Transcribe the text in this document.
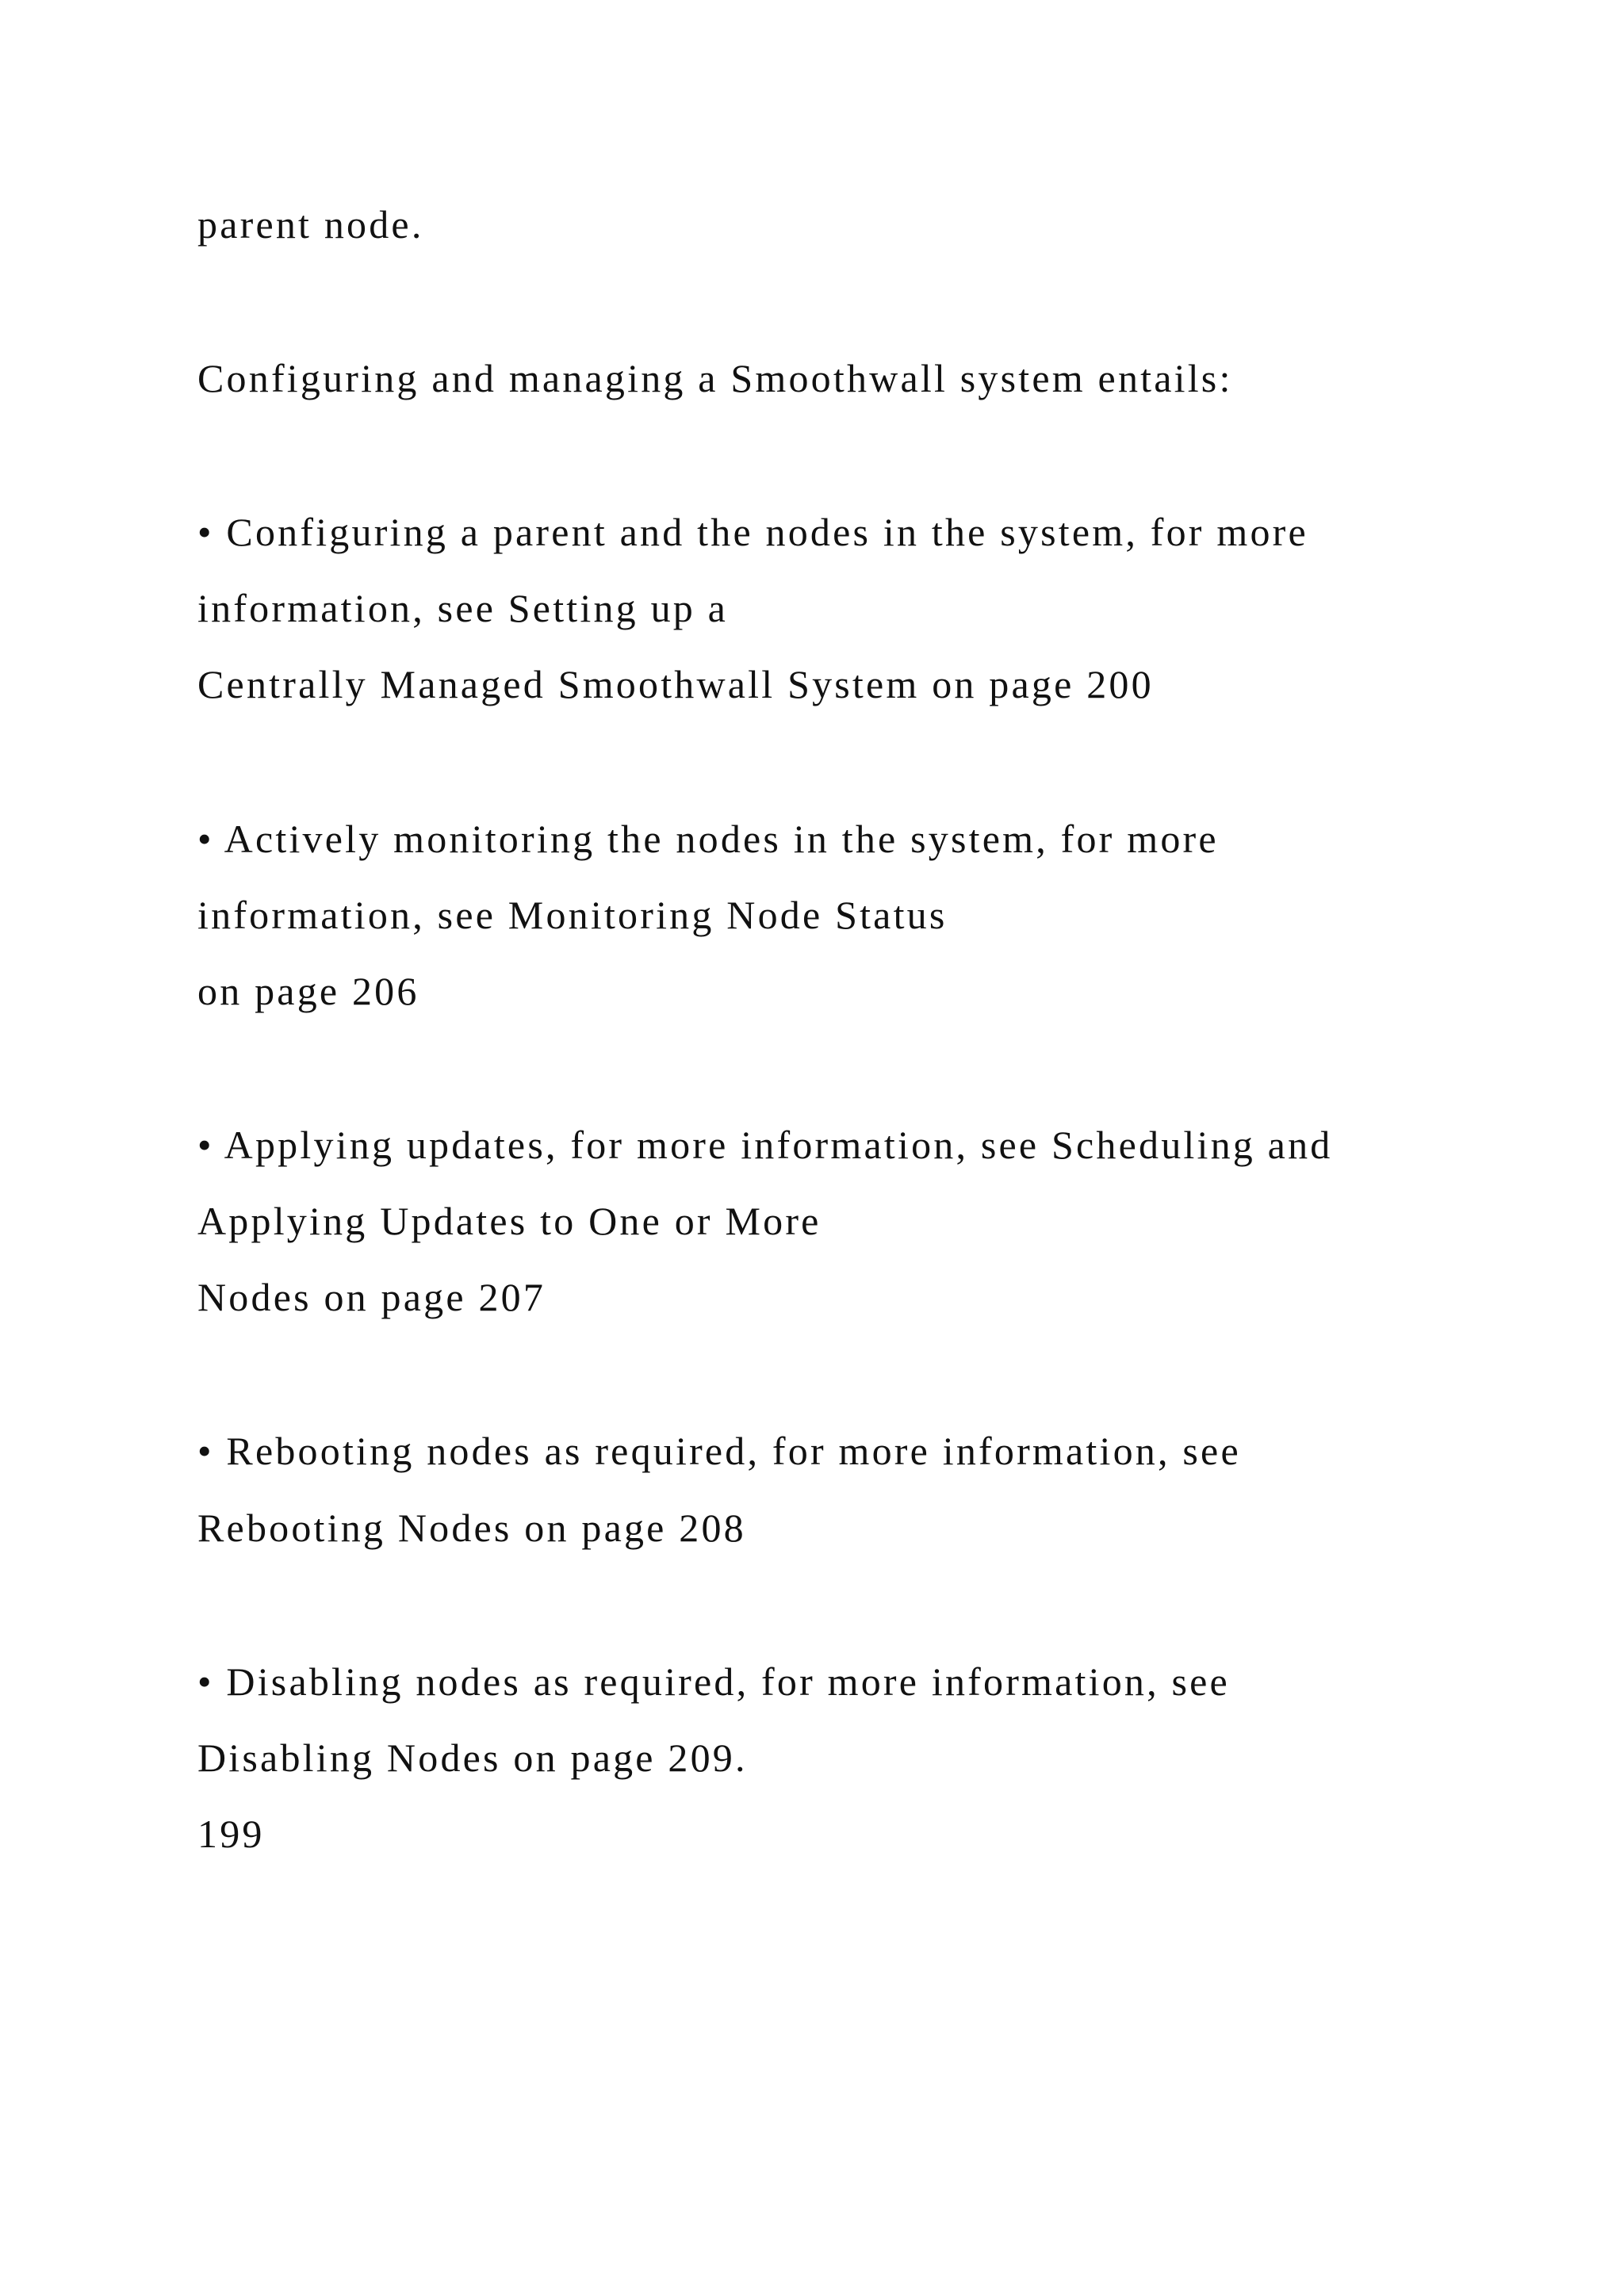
parent node.
Configuring and managing a Smoothwall system entails:
• Configuring a parent and the nodes in the system, for more
information, see Setting up a
Centrally Managed Smoothwall System on page 200
• Actively monitoring the nodes in the system, for more
information, see Monitoring Node Status
on page 206
• Applying updates, for more information, see Scheduling and
Applying Updates to One or More
Nodes on page 207
• Rebooting nodes as required, for more information, see
Rebooting Nodes on page 208
• Disabling nodes as required, for more information, see
Disabling Nodes on page 209.
199
